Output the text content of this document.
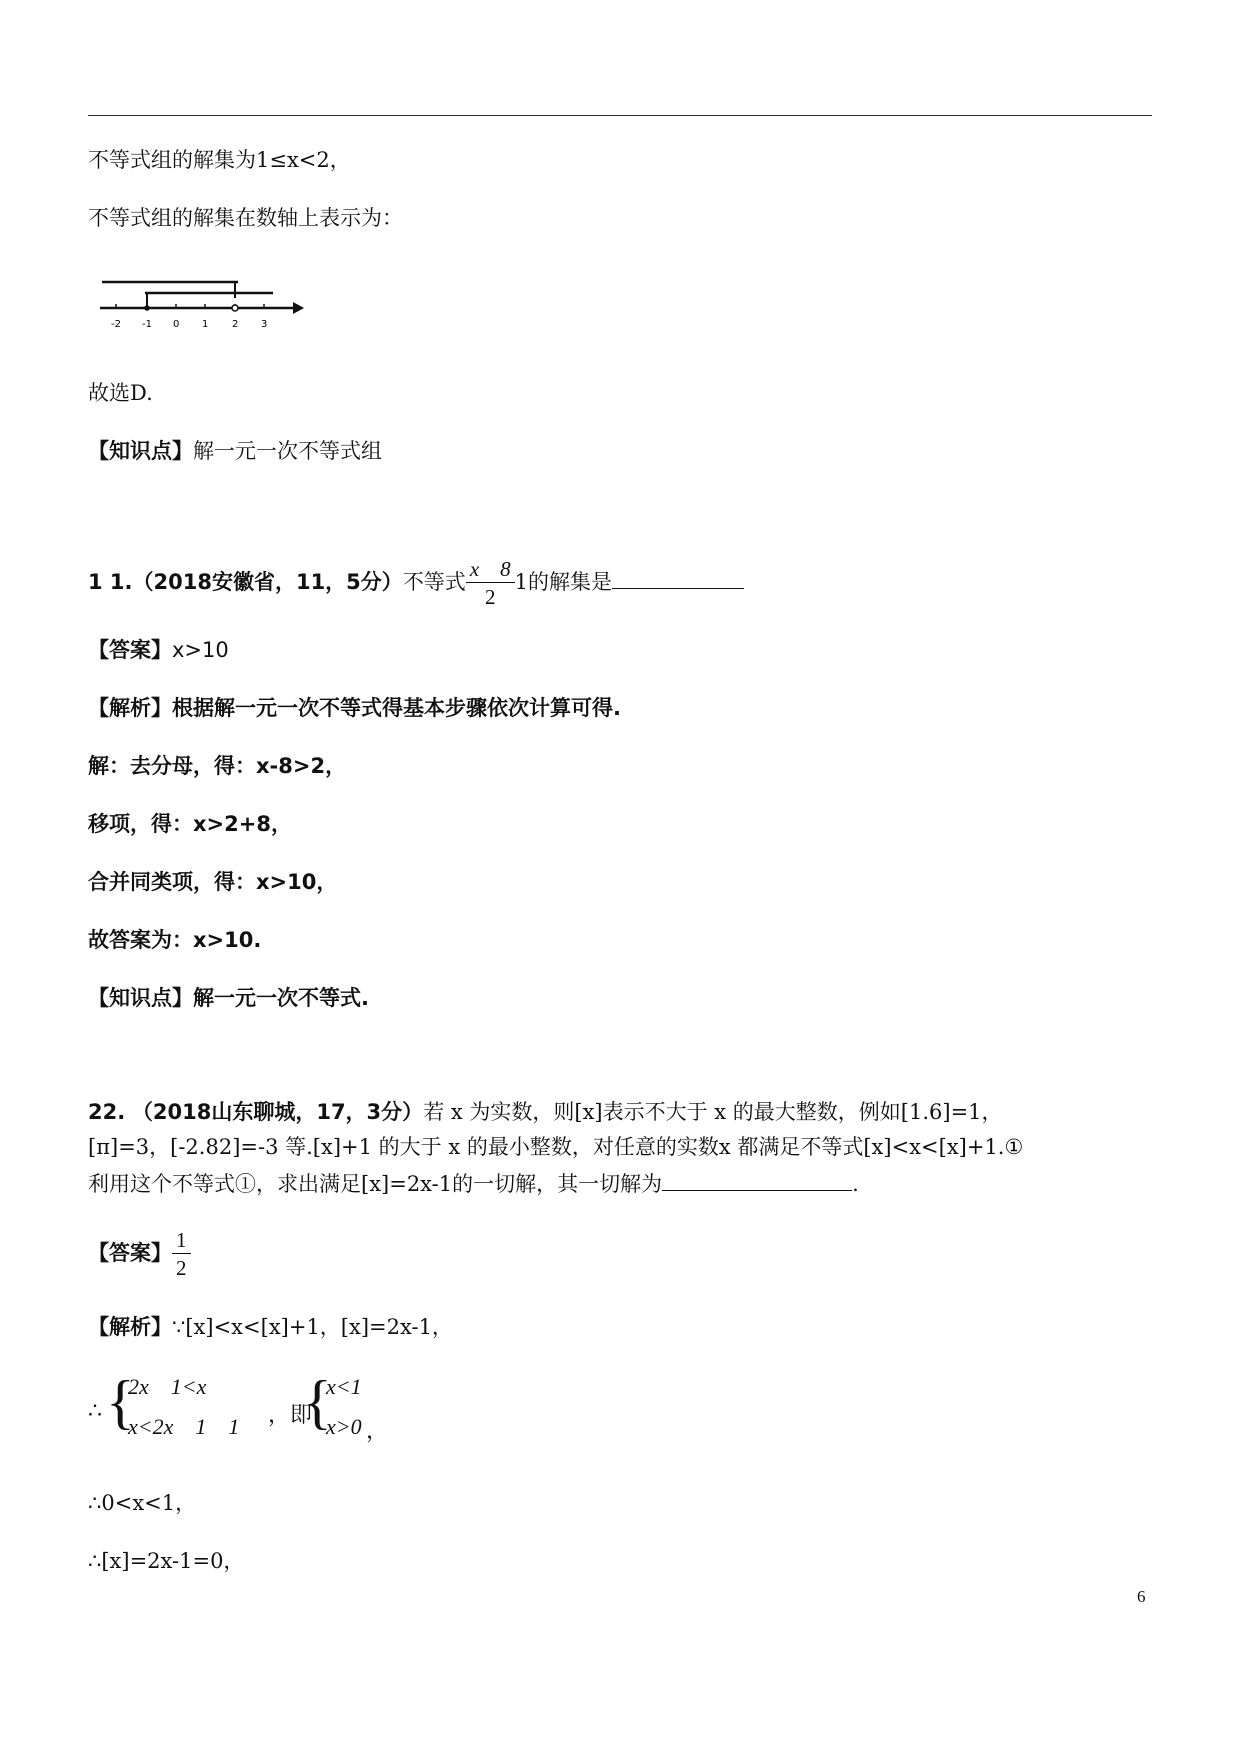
不等式组的解集为1≤x<2，
不等式组的解集在数轴上表示为：
-2 -1 0 1 2 3
故选D.
【知识点】解一元一次不等式组
1 1.（2018安徽省，11，5分）不等式 $\frac{x 8}{2} 1$的解集是
【答案】x>10
【解析】根据解一元一次不等式得基本步骤依次计算可得.
解：去分母，得：x-8>2，
移项，得：x>2+8，
合并同类项，得：x>10，
故答案为：x>10.
【知识点】解一元一次不等式.
22. （2018山东聊城，17，3分）若 x 为实数，则[x]表示不大于 x 的最大整数，例如[1.6]=1，
[π]=3，[-2.82]=-3 等.[x]+1 的大于 x 的最小整数，对任意的实数x 都满足不等式[x]<x<[x]+1.①
利用这个不等式①，求出满足[x]=2x-1的一切解，其一切解为	.
【答案】 $\frac{1}{2}$
【解析】∵[x]<x<[x]+1，[x]=2x-1，
∴ {
2x    1<x
x<2x    1    1 ，即
{
x<1
x>0 ，
∴0<x<1，
∴[x]=2x-1=0，
6
